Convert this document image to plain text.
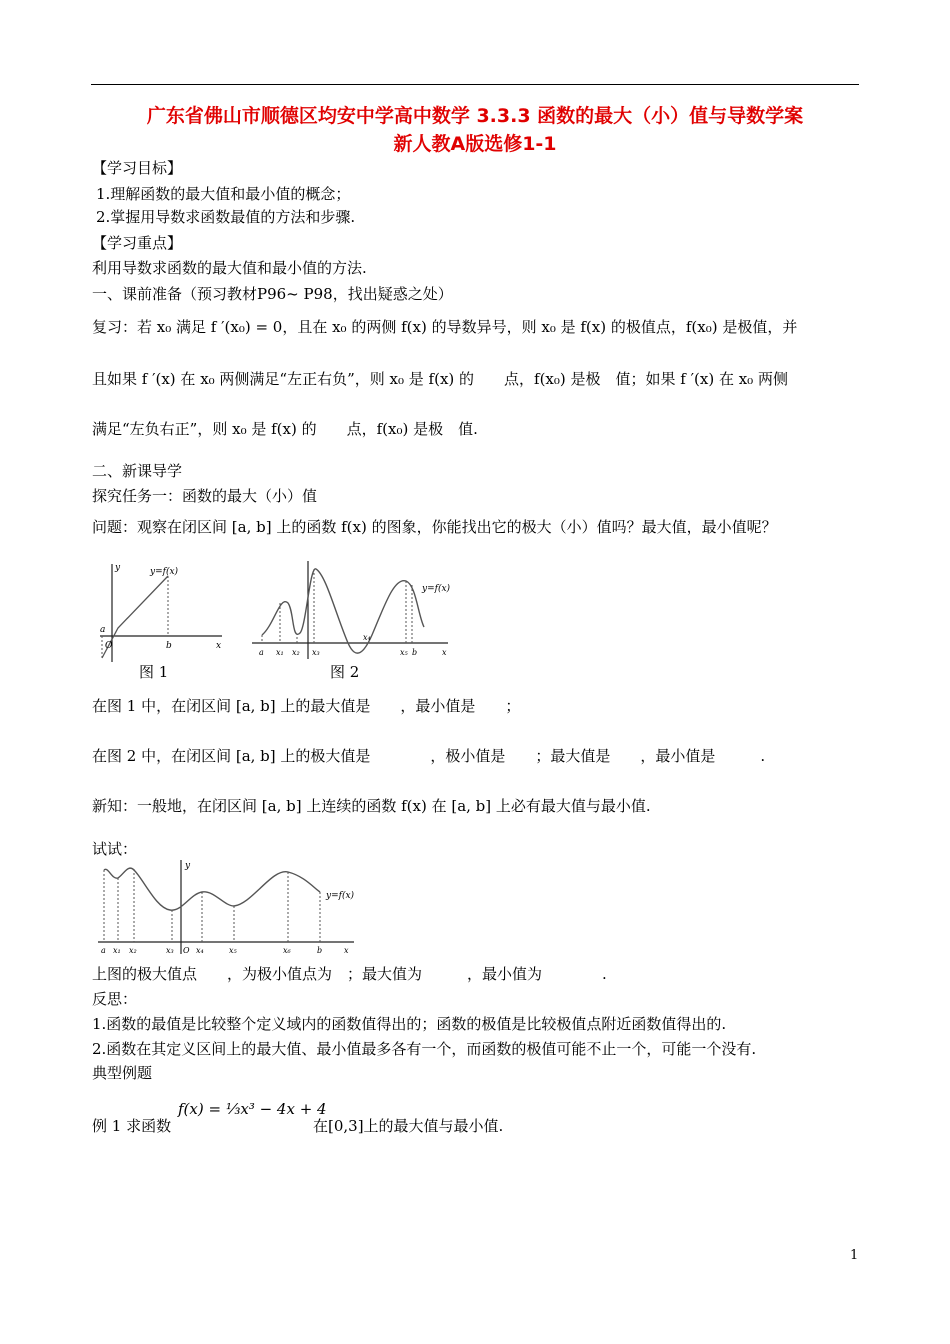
广东省佛山市顺德区均安中学高中数学 3.3.3 函数的最大（小）值与导数学案
新人教A版选修1-1
【学习目标】
1.理解函数的最大值和最小值的概念；
2.掌握用导数求函数最值的方法和步骤.
【学习重点】
利用导数求函数的最大值和最小值的方法.
一、课前准备（预习教材P96~ P98，找出疑惑之处）
复习：若 x₀ 满足 f ′(x₀) = 0，且在 x₀ 的两侧 f(x) 的导数异号，则 x₀ 是 f(x) 的极值点，f(x₀) 是极值，并
且如果 f ′(x) 在 x₀ 两侧满足“左正右负”，则 x₀ 是 f(x) 的　　点，f(x₀) 是极　值；如果 f ′(x) 在 x₀ 两侧
满足“左负右正”，则 x₀ 是 f(x) 的　　点，f(x₀) 是极　值.
二、新课导学
探究任务一：函数的最大（小）值
问题：观察在闭区间 [a, b] 上的函数 f(x) 的图象，你能找出它的极大（小）值吗？最大值，最小值呢？
y	y=f(x)
a
O	b	x
图 1
y=f(x)
a x₁ x₂ x₃
x₄
x₅ b	x
图 2
在图 1 中，在闭区间 [a, b] 上的最大值是　　，最小值是　　；
在图 2 中，在闭区间 [a, b] 上的极大值是　　　　，极小值是　　；最大值是　　，最小值是　　　.
新知：一般地，在闭区间 [a, b] 上连续的函数 f(x) 在 [a, b] 上必有最大值与最小值.
试试：
y
y=f(x)
a x₁ x₂	x₃ O x₄	x₅	x₆	b	x
上图的极大值点　　，为极小值点为　；最大值为　　　，最小值为　　　　.
反思：
1.函数的最值是比较整个定义域内的函数值得出的；函数的极值是比较极值点附近函数值得出的.
2.函数在其定义区间上的最大值、最小值最多各有一个，而函数的极值可能不止一个，可能一个没有.
典型例题
例 1 求函数
f(x) = ⅓x³ − 4x + 4
在[0,3]上的最大值与最小值.
1
